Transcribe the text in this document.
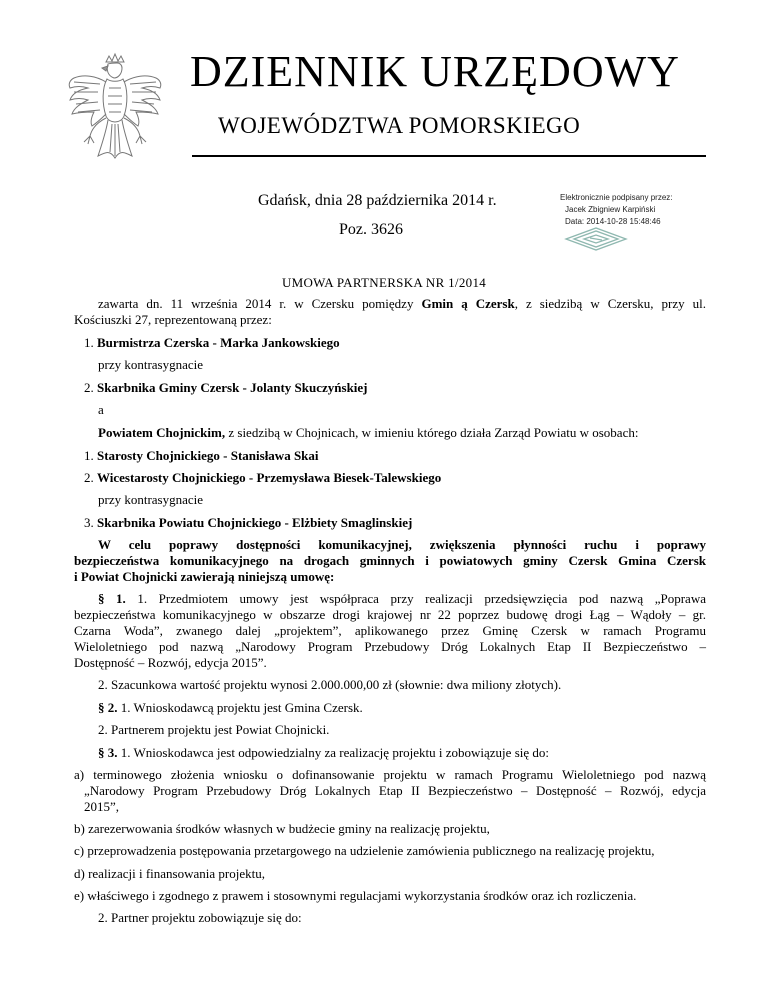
DZIENNIK URZĘDOWY
WOJEWÓDZTWA POMORSKIEGO
Gdańsk, dnia 28 października 2014 r.
Poz. 3626
Elektronicznie podpisany przez:
Jacek Zbigniew Karpiński
Data: 2014-10-28 15:48:46
UMOWA PARTNERSKA NR 1/2014
zawarta dn. 11 września 2014 r. w Czersku pomiędzy Gmin ą Czersk, z siedzibą w Czersku, przy ul.
Kościuszki 27, reprezentowaną przez:
1. Burmistrza Czerska - Marka Jankowskiego
przy kontrasygnacie
2. Skarbnika Gminy Czersk - Jolanty Skuczyńskiej
a
Powiatem Chojnickim, z siedzibą w Chojnicach, w imieniu którego działa Zarząd Powiatu w osobach:
1. Starosty Chojnickiego - Stanisława Skai
2. Wicestarosty Chojnickiego - Przemysława Biesek-Talewskiego
przy kontrasygnacie
3. Skarbnika Powiatu Chojnickiego - Elżbiety Smaglinskiej
W celu poprawy dostępności komunikacyjnej, zwiększenia płynności ruchu i poprawy
bezpieczeństwa komunikacyjnego na drogach gminnych i powiatowych gminy Czersk Gmina Czersk
i Powiat Chojnicki zawierają niniejszą umowę:
§ 1. 1. Przedmiotem umowy jest współpraca przy realizacji przedsięwzięcia pod nazwą „Poprawa
bezpieczeństwa komunikacyjnego w obszarze drogi krajowej nr 22 poprzez budowę drogi Łąg – Wądoły – gr.
Czarna Woda”, zwanego dalej „projektem”, aplikowanego przez Gminę Czersk w ramach Programu
Wieloletniego pod nazwą „Narodowy Program Przebudowy Dróg Lokalnych Etap II Bezpieczeństwo –
Dostępność – Rozwój, edycja 2015”.
2. Szacunkowa wartość projektu wynosi 2.000.000,00 zł (słownie: dwa miliony złotych).
§ 2. 1. Wnioskodawcą projektu jest Gmina Czersk.
2. Partnerem projektu jest Powiat Chojnicki.
§ 3. 1. Wnioskodawca jest odpowiedzialny za realizację projektu i zobowiązuje się do:
a) terminowego złożenia wniosku o dofinansowanie projektu w ramach Programu Wieloletniego pod nazwą
„Narodowy Program Przebudowy Dróg Lokalnych Etap II Bezpieczeństwo – Dostępność – Rozwój, edycja
2015”,
b) zarezerwowania środków własnych w budżecie gminy na realizację projektu,
c) przeprowadzenia postępowania przetargowego na udzielenie zamówienia publicznego na realizację projektu,
d) realizacji i finansowania projektu,
e) właściwego i zgodnego z prawem i stosownymi regulacjami wykorzystania środków oraz ich rozliczenia.
2. Partner projektu zobowiązuje się do:
